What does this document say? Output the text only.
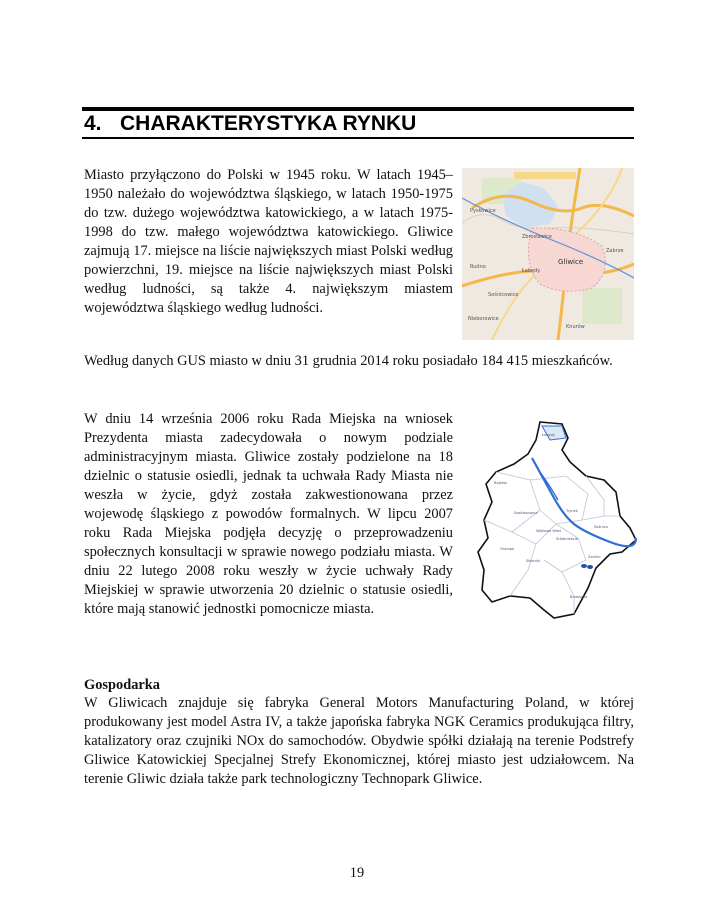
4. CHARAKTERYSTYKA RYNKU

Miasto przyłączono do Polski w 1945 roku. W latach 1945–1950 należało do województwa śląskiego, w latach 1950-1975 do tzw. dużego województwa katowickiego, a w latach 1975-1998 do tzw. małego województwa katowickiego. Gliwice zajmują 17. miejsce na liście największych miast Polski według powierzchni, 19. miejsce na liście największych miast Polski według ludności, są także 4. największym miastem województwa śląskiego według ludności.

Gliwice
Pyskowice
Zbrosławice
Rudno
Sośnicowice
Nieborowice
Knurów
Łabędy
Zabrze

Według danych GUS miasto w dniu 31 grudnia 2014 roku posiadało 184 415 mieszkańców.

W dniu 14 września 2006 roku Rada Miejska na wniosek Prezydenta miasta zadecydowała o nowym podziale administracyjnym miasta. Gliwice zostały podzielone na 18 dzielnic o statusie osiedli, jednak ta uchwała Rady Miasta nie weszła w życie, gdyż została zakwestionowana przez wojewodę śląskiego z powodów formalnych. W lipcu 2007 roku Rada Miejska podjęła decyzję o przeprowadzeniu społecznych konsultacji w sprawie nowego podziału miasta. W dniu 22 lutego 2008 roku weszły w życie uchwały Rady Miejskiej w sprawie utworzenia 20 dzielnic o statusie osiedli, które mają stanowić jednostki pomocnicze miasta.

Bojków
Ostropa
Szobiszowice
Sośnica
Łabędy
Trynek
Sikornik
Brzezinka
Żerniki
Wójtowa Wieś
Śródmieście
Gospodarka

W Gliwicach znajduje się fabryka General Motors Manufacturing Poland, w której produkowany jest model Astra IV, a także japońska fabryka NGK Ceramics produkująca filtry, katalizatory oraz czujniki NOx do samochodów. Obydwie spółki działają na terenie Podstrefy Gliwice Katowickiej Specjalnej Strefy Ekonomicznej, której miasto jest udziałowcem. Na terenie Gliwic działa także park technologiczny Technopark Gliwice.

19
